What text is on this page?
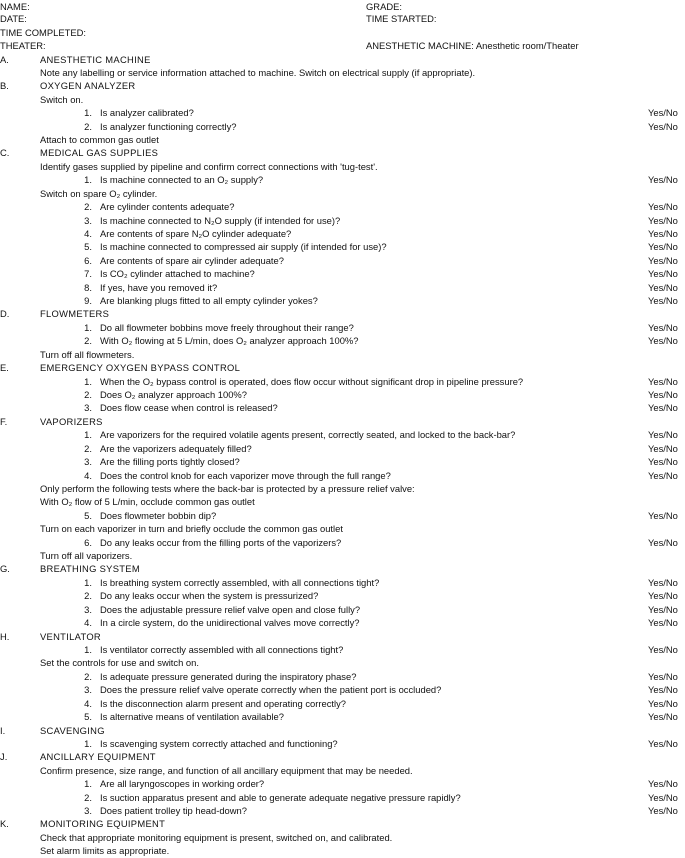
NAME:	GRADE:
DATE:	TIME STARTED:
TIME COMPLETED:
THEATER:	ANESTHETIC MACHINE: Anesthetic room/Theater
A.	ANESTHETIC MACHINE
Note any labelling or service information attached to machine. Switch on electrical supply (if appropriate).
B.	OXYGEN ANALYZER
Switch on.
1. Is analyzer calibrated?	Yes/No
2. Is analyzer functioning correctly?	Yes/No
Attach to common gas outlet
C.	MEDICAL GAS SUPPLIES
Identify gases supplied by pipeline and confirm correct connections with 'tug-test'.
1. Is machine connected to an O₂ supply?	Yes/No
Switch on spare O₂ cylinder.
2. Are cylinder contents adequate?	Yes/No
3. Is machine connected to N₂O supply (if intended for use)?	Yes/No
4. Are contents of spare N₂O cylinder adequate?	Yes/No
5. Is machine connected to compressed air supply (if intended for use)?	Yes/No
6. Are contents of spare air cylinder adequate?	Yes/No
7. Is CO₂ cylinder attached to machine?	Yes/No
8. If yes, have you removed it?	Yes/No
9. Are blanking plugs fitted to all empty cylinder yokes?	Yes/No
D.	FLOWMETERS
1. Do all flowmeter bobbins move freely throughout their range?	Yes/No
2. With O₂ flowing at 5 L/min, does O₂ analyzer approach 100%?	Yes/No
Turn off all flowmeters.
E.	EMERGENCY OXYGEN BYPASS CONTROL
1. When the O₂ bypass control is operated, does flow occur without significant drop in pipeline pressure?	Yes/No
2. Does O₂ analyzer approach 100%?	Yes/No
3. Does flow cease when control is released?	Yes/No
F.	VAPORIZERS
1. Are vaporizers for the required volatile agents present, correctly seated, and locked to the back-bar?	Yes/No
2. Are the vaporizers adequately filled?	Yes/No
3. Are the filling ports tightly closed?	Yes/No
4. Does the control knob for each vaporizer move through the full range?	Yes/No
Only perform the following tests where the back-bar is protected by a pressure relief valve:
With O₂ flow of 5 L/min, occlude common gas outlet
5. Does flowmeter bobbin dip?	Yes/No
Turn on each vaporizer in turn and briefly occlude the common gas outlet
6. Do any leaks occur from the filling ports of the vaporizers?	Yes/No
Turn off all vaporizers.
G.	BREATHING SYSTEM
1. Is breathing system correctly assembled, with all connections tight?	Yes/No
2. Do any leaks occur when the system is pressurized?	Yes/No
3. Does the adjustable pressure relief valve open and close fully?	Yes/No
4. In a circle system, do the unidirectional valves move correctly?	Yes/No
H.	VENTILATOR
1. Is ventilator correctly assembled with all connections tight?	Yes/No
Set the controls for use and switch on.
2. Is adequate pressure generated during the inspiratory phase?	Yes/No
3. Does the pressure relief valve operate correctly when the patient port is occluded?	Yes/No
4. Is the disconnection alarm present and operating correctly?	Yes/No
5. Is alternative means of ventilation available?	Yes/No
I.	SCAVENGING
1. Is scavenging system correctly attached and functioning?	Yes/No
J.	ANCILLARY EQUIPMENT
Confirm presence, size range, and function of all ancillary equipment that may be needed.
1. Are all laryngoscopes in working order?	Yes/No
2. Is suction apparatus present and able to generate adequate negative pressure rapidly?	Yes/No
3. Does patient trolley tip head-down?	Yes/No
K.	MONITORING EQUIPMENT
Check that appropriate monitoring equipment is present, switched on, and calibrated.
Set alarm limits as appropriate.
